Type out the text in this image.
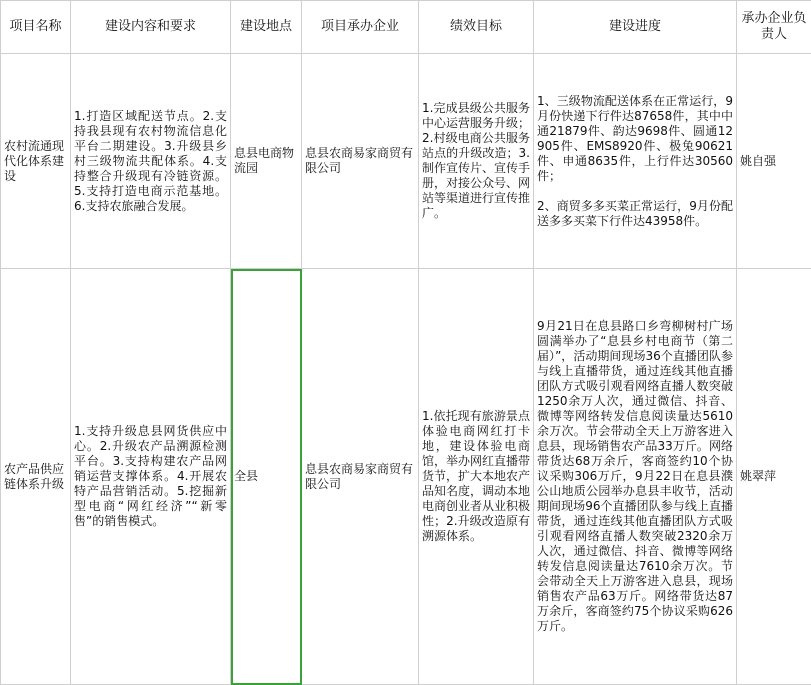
项目名称	建设内容和要求	建设地点	项目承办企业	绩效目标	建设进度	承办企业负责人
农村流通现代化体系建设	1.打造区域配送节点。2.支持我县现有农村物流信息化平台二期建设。3.升级县乡村三级物流共配体系。4.支持整合升级现有冷链资源。5.支持打造电商示范基地。6.支持农旅融合发展。	息县电商物流园	息县农商易家商贸有限公司	1.完成县级公共服务中心运营服务升级；2.村级电商公共服务站点的升级改造；3.制作宣传片、宣传手册，对接公众号、网站等渠道进行宣传推广。	1、三级物流配送体系在正常运行，9月份快递下行件达87658件，其中中通21879件、韵达9698件、圆通12905件、EMS8920件、极兔90621件、申通8635件，上行件达30560件；

2、商贸多多买菜正常运行，9月份配送多多买菜下行件达43958件。	姚自强
农产品供应链体系升级	1.支持升级息县网货供应中心。2.升级农产品溯源检测平台。3.支持构建农产品网销运营支撑体系。4.开展农特产品营销活动。5.挖掘新型电商“网红经济”“新零售”的销售模式。	全县	息县农商易家商贸有限公司	1.依托现有旅游景点体验电商网红打卡地，建设体验电商馆，举办网红直播带货节，扩大本地农产品知名度，调动本地电商创业者从业积极性；2.升级改造原有溯源体系。	9月21日在息县路口乡弯柳树村广场圆满举办了“息县乡村电商节（第二届）”，活动期间现场36个直播团队参与线上直播带货，通过连线其他直播团队方式吸引观看网络直播人数突破1250余万人次，通过微信、抖音、微博等网络转发信息阅读量达5610余万次。节会带动全天上万游客进入息县，现场销售农产品33万斤。网络带货达68万余斤，客商签约10个协议采购306万斤，9月22日在息县濮公山地质公园举办息县丰收节，活动期间现场96个直播团队参与线上直播带货，通过连线其他直播团队方式吸引观看网络直播人数突破2320余万人次，通过微信、抖音、微博等网络转发信息阅读量达7610余万次。节会带动全天上万游客进入息县，现场销售农产品63万斤。网络带货达87万余斤，客商签约75个协议采购626万斤。	姚翠萍
